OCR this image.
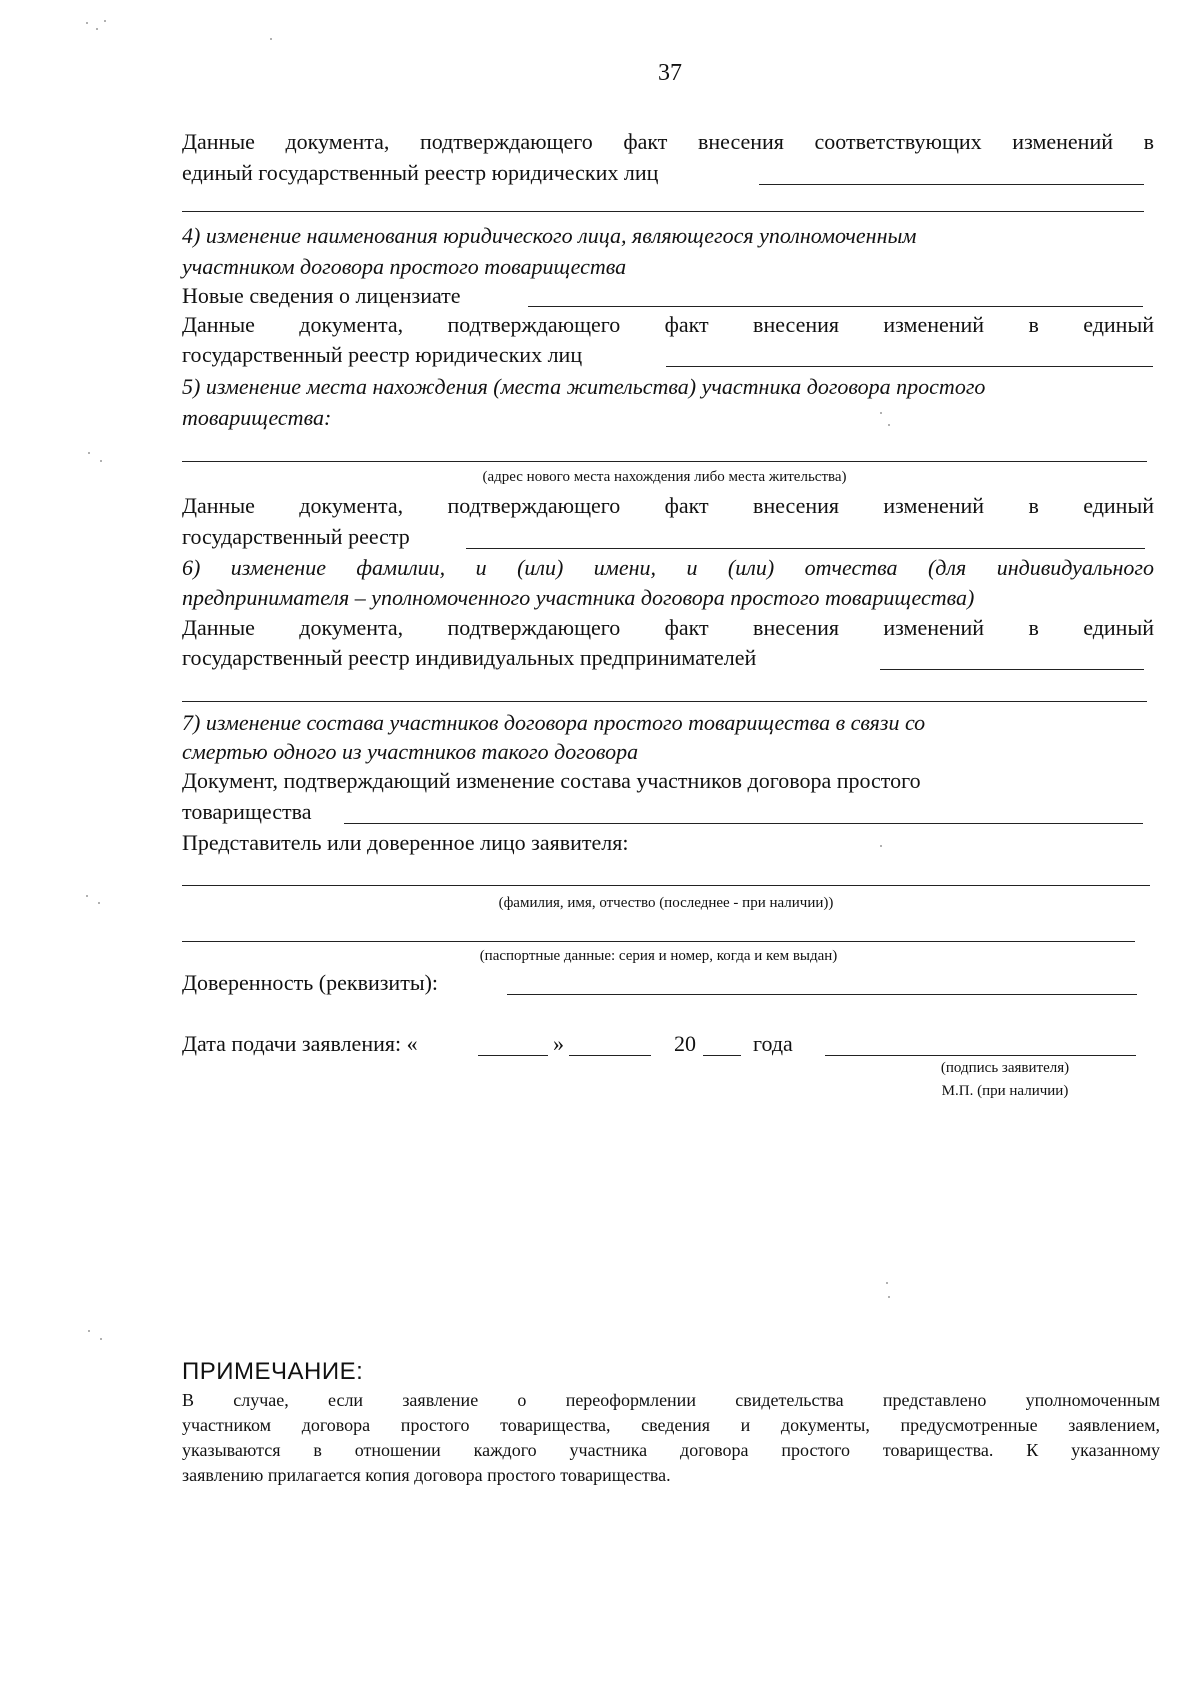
37
Данные документа, подтверждающего факт внесения соответствующих изменений в
единый государственный реестр юридических лиц
4) изменение наименования юридического лица, являющегося уполномоченным
участником договора простого товарищества
Новые сведения о лицензиате
Данные документа, подтверждающего факт внесения изменений в единый
государственный реестр юридических лиц
5) изменение места нахождения (места жительства) участника договора простого
товарищества:
(адрес нового места нахождения либо места жительства)
Данные документа, подтверждающего факт внесения изменений в единый
государственный реестр
6) изменение фамилии, и (или) имени, и (или) отчества (для индивидуального
предпринимателя – уполномоченного участника договора простого товарищества)
Данные документа, подтверждающего факт внесения изменений в единый
государственный реестр индивидуальных предпринимателей
7) изменение состава участников договора простого товарищества в связи со
смертью одного из участников такого договора
Документ, подтверждающий изменение состава участников договора простого
товарищества
Представитель или доверенное лицо заявителя:
(фамилия, имя, отчество (последнее - при наличии))
(паспортные данные: серия и номер, когда и кем выдан)
Доверенность (реквизиты):
Дата подачи заявления: «	»	20	года
(подпись заявителя)
М.П. (при наличии)
ПРИМЕЧАНИЕ:
В случае, если заявление о переоформлении свидетельства представлено уполномоченным
участником договора простого товарищества, сведения и документы, предусмотренные заявлением,
указываются в отношении каждого участника договора простого товарищества. К указанному
заявлению прилагается копия договора простого товарищества.
